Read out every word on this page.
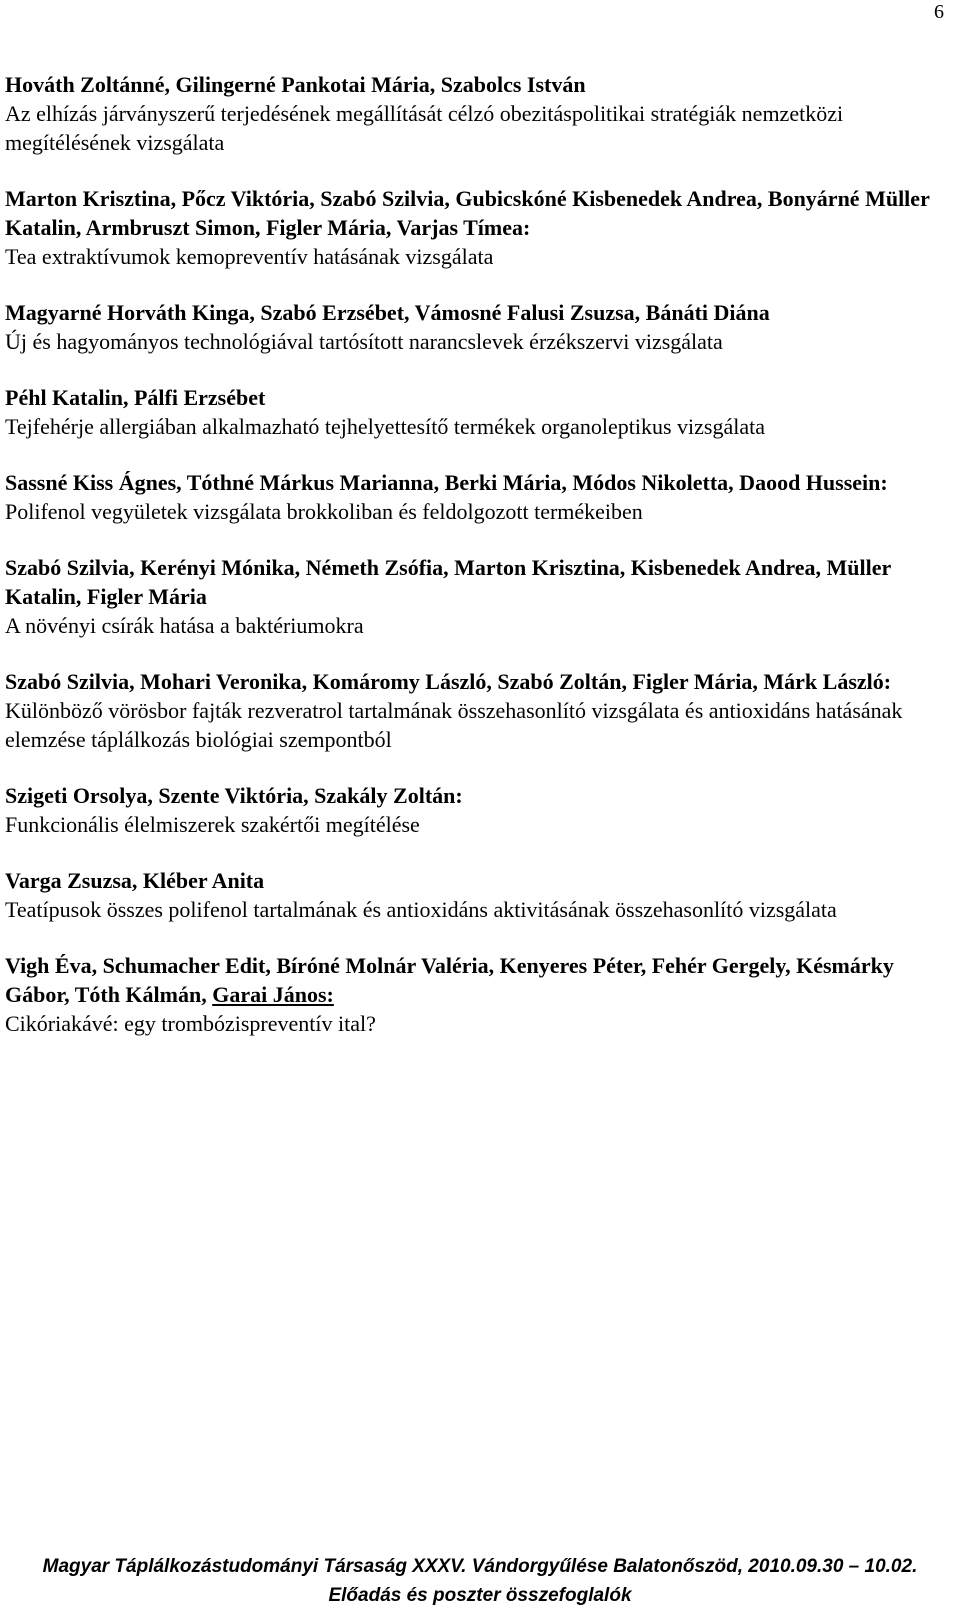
6

Hováth Zoltánné, Gilingerné Pankotai Mária, Szabolcs István

Az elhízás járványszerű terjedésének megállítását célzó obezitáspolitikai stratégiák nemzetközi megítélésének vizsgálata

Marton Krisztina, Pőcz Viktória, Szabó Szilvia, Gubicskóné Kisbenedek Andrea, Bonyárné Müller Katalin, Armbruszt Simon, Figler Mária, Varjas Tímea:

Tea extraktívumok kemopreventív hatásának vizsgálata

Magyarné Horváth Kinga, Szabó Erzsébet, Vámosné Falusi Zsuzsa, Bánáti Diána

Új és hagyományos technológiával tartósított narancslevek érzékszervi vizsgálata

Péhl Katalin, Pálfi Erzsébet

Tejfehérje allergiában alkalmazható tejhelyettesítő termékek organoleptikus vizsgálata

Sassné Kiss Ágnes, Tóthné Márkus Marianna, Berki Mária, Módos Nikoletta, Daood Hussein: Polifenol vegyületek vizsgálata brokkoliban és feldolgozott termékeiben

Szabó Szilvia, Kerényi Mónika, Németh Zsófia, Marton Krisztina, Kisbenedek Andrea, Müller Katalin, Figler Mária

A növényi csírák hatása a baktériumokra

Szabó Szilvia, Mohari Veronika, Komáromy László, Szabó Zoltán, Figler Mária, Márk László:

Különböző vörösbor fajták rezveratrol tartalmának összehasonlító vizsgálata és antioxidáns hatásának elemzése táplálkozás biológiai szempontból

Szigeti Orsolya, Szente Viktória, Szakály Zoltán:

Funkcionális élelmiszerek szakértői megítélése

Varga Zsuzsa, Kléber Anita

Teatípusok összes polifenol tartalmának és antioxidáns aktivitásának összehasonlító vizsgálata

Vigh Éva, Schumacher Edit, Bíróné Molnár Valéria, Kenyeres Péter, Fehér Gergely, Késmárky Gábor, Tóth Kálmán, Garai János:

Cikóriakávé: egy trombózispreventív ital?

Magyar Táplálkozástudományi Társaság XXXV. Vándorgyűlése Balatonőszöd, 2010.09.30 – 10.02.
Előadás és poszter összefoglalók
